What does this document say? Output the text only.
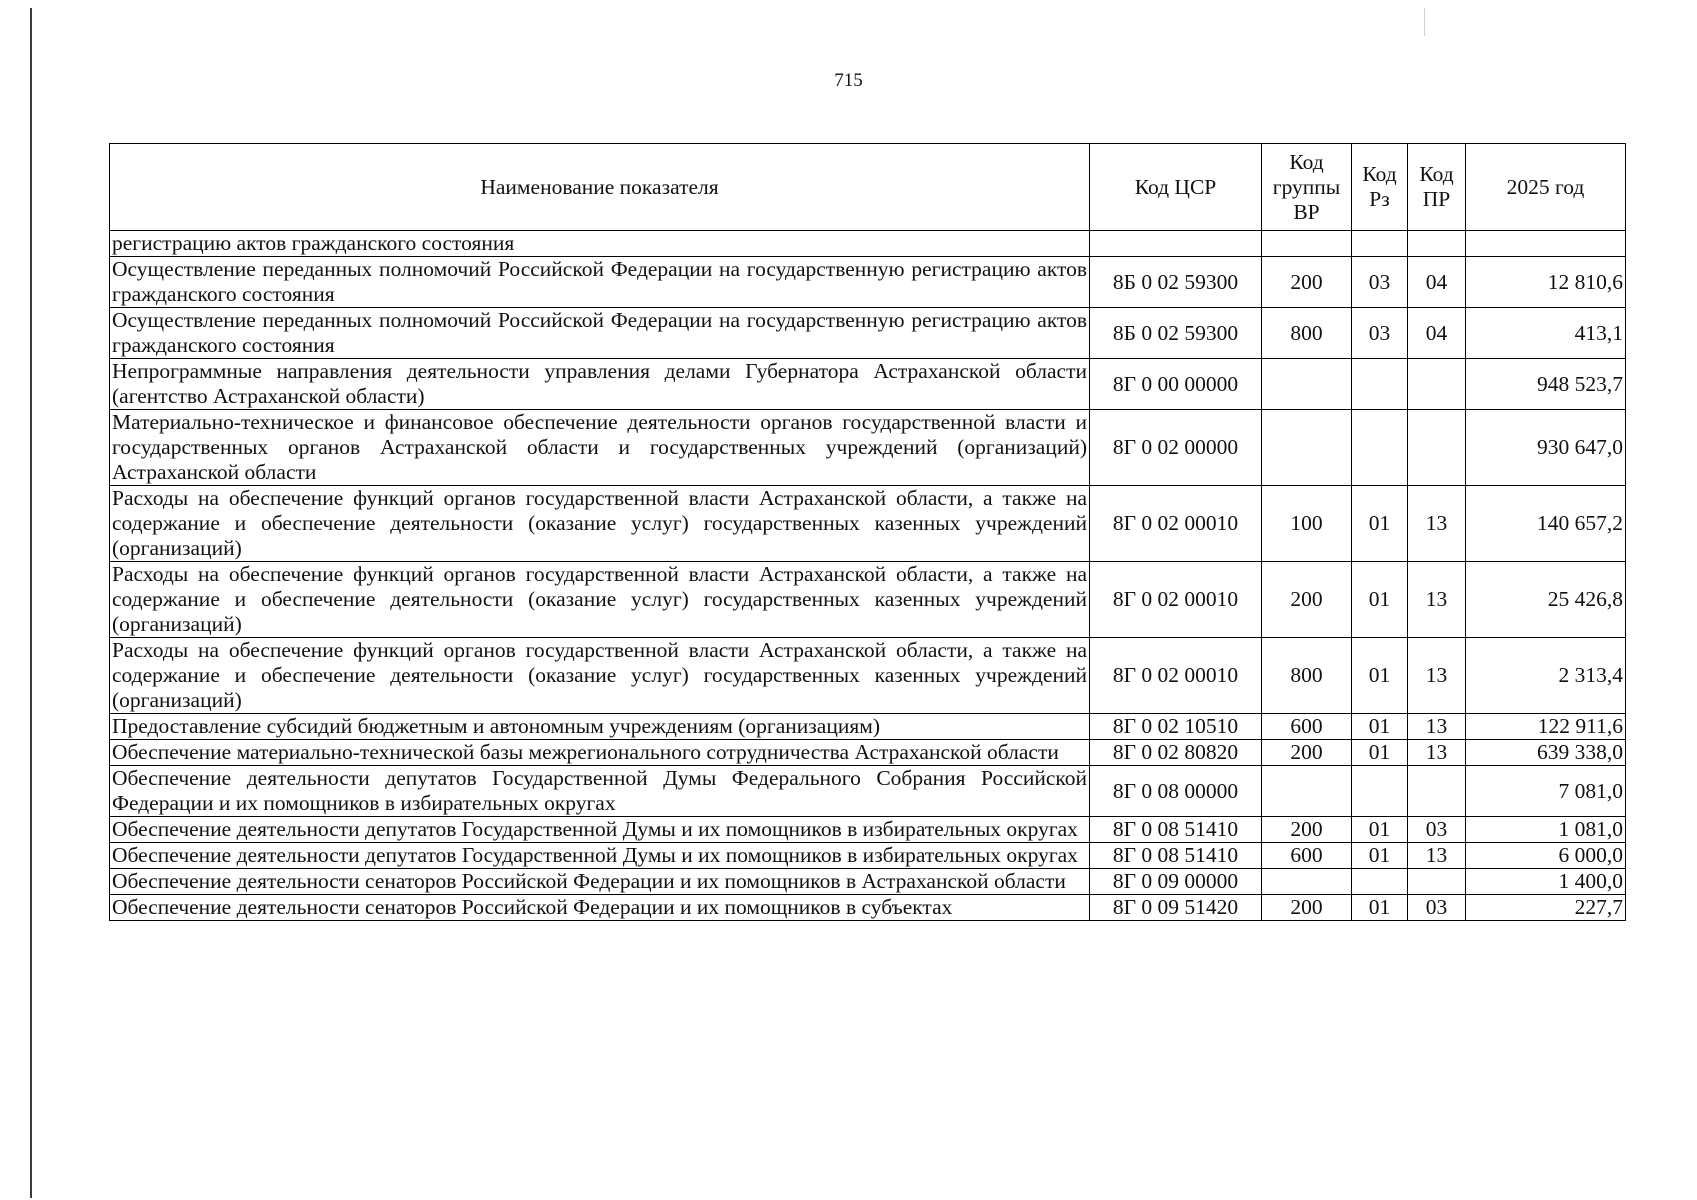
715
Наименование показателя	Код ЦСР	Код группы ВР	Код Рз	Код ПР	2025 год
регистрацию актов гражданского состояния					
Осуществление переданных полномочий Российской Федерации на государственную регистрацию актов гражданского состояния	8Б 0 02 59300	200	03	04	12 810,6
Осуществление переданных полномочий Российской Федерации на государственную регистрацию актов гражданского состояния	8Б 0 02 59300	800	03	04	413,1
Непрограммные направления деятельности управления делами Губернатора Астраханской области (агентство Астраханской области)	8Г 0 00 00000				948 523,7
Материально-техническое и финансовое обеспечение деятельности органов государственной власти и государственных органов Астраханской области и государственных учреждений (организаций) Астраханской области	8Г 0 02 00000				930 647,0
Расходы на обеспечение функций органов государственной власти Астраханской области, а также на содержание и обеспечение деятельности (оказание услуг) государственных казенных учреждений (организаций)	8Г 0 02 00010	100	01	13	140 657,2
Расходы на обеспечение функций органов государственной власти Астраханской области, а также на содержание и обеспечение деятельности (оказание услуг) государственных казенных учреждений (организаций)	8Г 0 02 00010	200	01	13	25 426,8
Расходы на обеспечение функций органов государственной власти Астраханской области, а также на содержание и обеспечение деятельности (оказание услуг) государственных казенных учреждений (организаций)	8Г 0 02 00010	800	01	13	2 313,4
Предоставление субсидий бюджетным и автономным учреждениям (организациям)	8Г 0 02 10510	600	01	13	122 911,6
Обеспечение материально-технической базы межрегионального сотрудничества Астраханской области	8Г 0 02 80820	200	01	13	639 338,0
Обеспечение деятельности депутатов Государственной Думы Федерального Собрания Российской Федерации и их помощников в избирательных округах	8Г 0 08 00000				7 081,0
Обеспечение деятельности депутатов Государственной Думы и их помощников в избирательных округах	8Г 0 08 51410	200	01	03	1 081,0
Обеспечение деятельности депутатов Государственной Думы и их помощников в избирательных округах	8Г 0 08 51410	600	01	13	6 000,0
Обеспечение деятельности сенаторов Российской Федерации и их помощников в Астраханской области	8Г 0 09 00000				1 400,0
Обеспечение деятельности сенаторов Российской Федерации и их помощников в субъектах	8Г 0 09 51420	200	01	03	227,7
